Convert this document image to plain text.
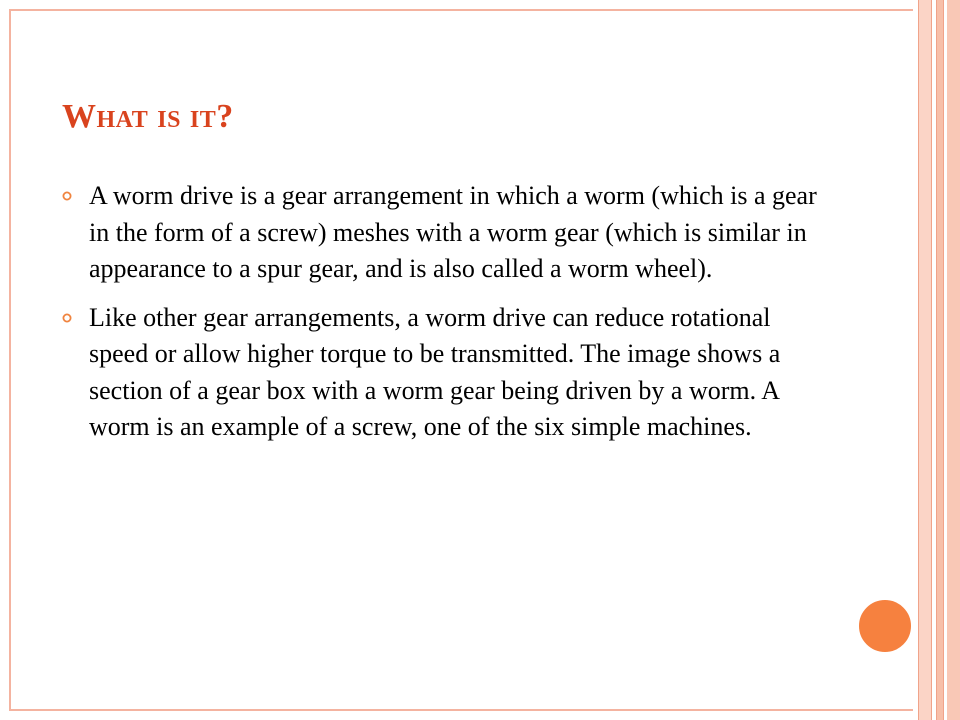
What is it?
A worm drive is a gear arrangement in which a worm (which is a gear in the form of a screw) meshes with a worm gear (which is similar in appearance to a spur gear, and is also called a worm wheel).
Like other gear arrangements, a worm drive can reduce rotational speed or allow higher torque to be transmitted. The image shows a section of a gear box with a worm gear being driven by a worm. A worm is an example of a screw, one of the six simple machines.
